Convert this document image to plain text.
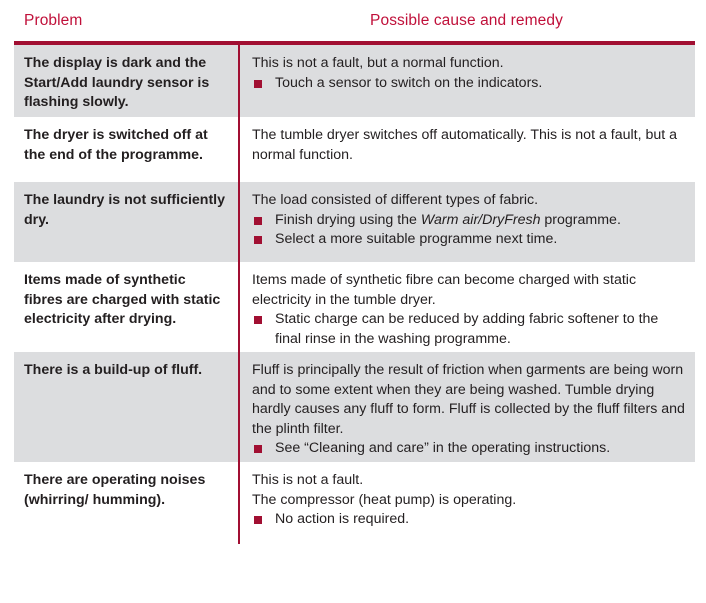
Problem	Possible cause and remedy
The display is dark and the Start/Add laundry sensor is flashing slowly.
This is not a fault, but a normal function.
Touch a sensor to switch on the indicators.
The dryer is switched off at the end of the programme.
The tumble dryer switches off automatically. This is not a fault, but a normal function.
The laundry is not sufficiently dry.
The load consisted of different types of fabric.
Finish drying using the Warm air/DryFresh programme.
Select a more suitable programme next time.
Items made of synthetic fibres are charged with static electricity after drying.
Items made of synthetic fibre can become charged with static electricity in the tumble dryer.
Static charge can be reduced by adding fabric softener to the final rinse in the washing programme.
There is a build-up of fluff.	Fluff is principally the result of friction when garments are being worn and to some extent when they are being washed. Tumble drying hardly causes any fluff to form. Fluff is collected by the fluff filters and the plinth filter.
See “Cleaning and care” in the operating instructions.
There are operating noises (whirring/ humming).
This is not a fault.
The compressor (heat pump) is operating.
No action is required.
